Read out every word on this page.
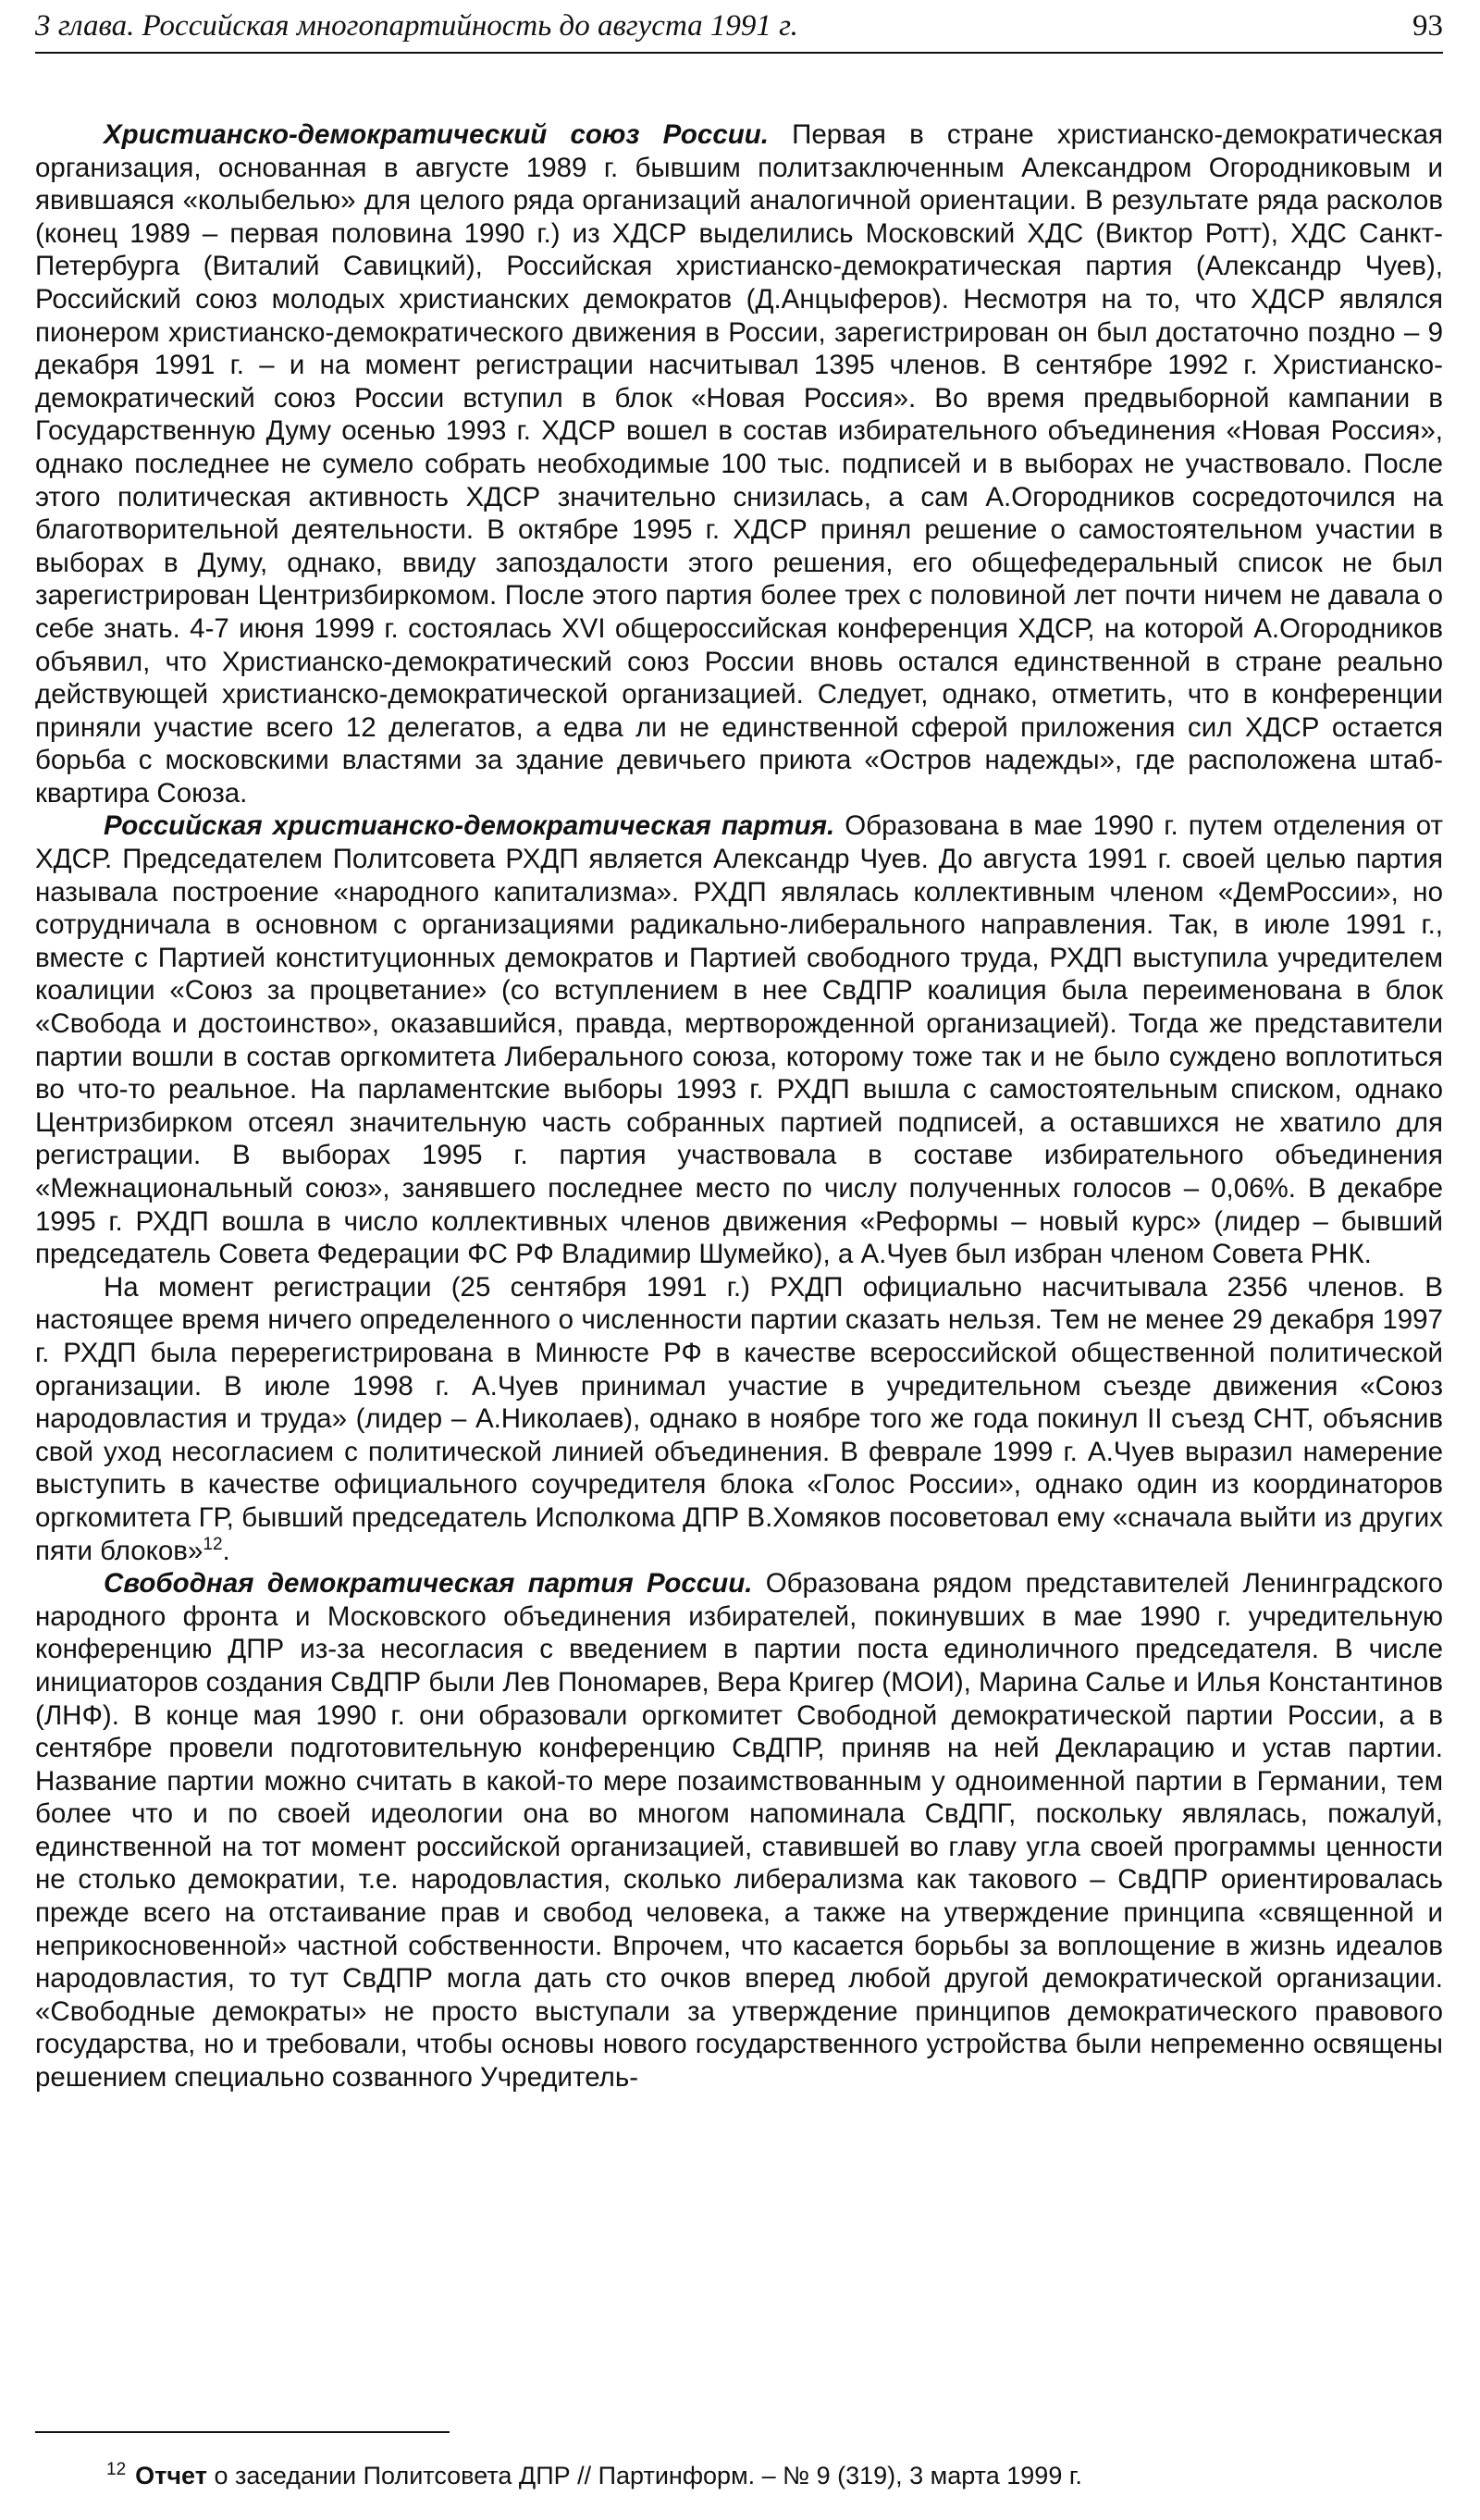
3 глава. Российская многопартийность до августа 1991 г.	93

Христианско-демократический союз России. Первая в стране христианско-демократическая организация, основанная в августе 1989 г. бывшим политзаключенным Александром Огородниковым и явившаяся «колыбелью» для целого ряда организаций аналогичной ориентации. В результате ряда расколов (конец 1989 – первая половина 1990 г.) из ХДСР выделились Московский ХДС (Виктор Ротт), ХДС Санкт-Петербурга (Виталий Савицкий), Российская христианско-демократическая партия (Александр Чуев), Российский союз молодых христианских демократов (Д.Анцыферов). Несмотря на то, что ХДСР являлся пионером христианско-демократического движения в России, зарегистрирован он был достаточно поздно – 9 декабря 1991 г. – и на момент регистрации насчитывал 1395 членов. В сентябре 1992 г. Христианско-демократический союз России вступил в блок «Новая Россия». Во время предвыборной кампании в Государственную Думу осенью 1993 г. ХДСР вошел в состав избирательного объединения «Новая Россия», однако последнее не сумело собрать необходимые 100 тыс. подписей и в выборах не участвовало. После этого политическая активность ХДСР значительно снизилась, а сам А.Огородников сосредоточился на благотворительной деятельности. В октябре 1995 г. ХДСР принял решение о самостоятельном участии в выборах в Думу, однако, ввиду запоздалости этого решения, его общефедеральный список не был зарегистрирован Центризбиркомом. После этого партия более трех с половиной лет почти ничем не давала о себе знать. 4-7 июня 1999 г. состоялась XVI общероссийская конференция ХДСР, на которой А.Огородников объявил, что Христианско-демократический союз России вновь остался единственной в стране реально действующей христианско-демократической организацией. Следует, однако, отметить, что в конференции приняли участие всего 12 делегатов, а едва ли не единственной сферой приложения сил ХДСР остается борьба с московскими властями за здание девичьего приюта «Остров надежды», где расположена штаб-квартира Союза.

Российская христианско-демократическая партия. Образована в мае 1990 г. путем отделения от ХДСР. Председателем Политсовета РХДП является Александр Чуев. До августа 1991 г. своей целью партия называла построение «народного капитализма». РХДП являлась коллективным членом «ДемРоссии», но сотрудничала в основном с организациями радикально-либерального направления. Так, в июле 1991 г., вместе с Партией конституционных демократов и Партией свободного труда, РХДП выступила учредителем коалиции «Союз за процветание» (со вступлением в нее СвДПР коалиция была переименована в блок «Свобода и достоинство», оказавшийся, правда, мертворожденной организацией). Тогда же представители партии вошли в состав оргкомитета Либерального союза, которому тоже так и не было суждено воплотиться во что-то реальное. На парламентские выборы 1993 г. РХДП вышла с самостоятельным списком, однако Центризбирком отсеял значительную часть собранных партией подписей, а оставшихся не хватило для регистрации. В выборах 1995 г. партия участвовала в составе избирательного объединения «Межнациональный союз», занявшего последнее место по числу полученных голосов – 0,06%. В декабре 1995 г. РХДП вошла в число коллективных членов движения «Реформы – новый курс» (лидер – бывший председатель Совета Федерации ФС РФ Владимир Шумейко), а А.Чуев был избран членом Совета РНК.

На момент регистрации (25 сентября 1991 г.) РХДП официально насчитывала 2356 членов. В настоящее время ничего определенного о численности партии сказать нельзя. Тем не менее 29 декабря 1997 г. РХДП была перерегистрирована в Минюсте РФ в качестве всероссийской общественной политической организации. В июле 1998 г. А.Чуев принимал участие в учредительном съезде движения «Союз народовластия и труда» (лидер – А.Николаев), однако в ноябре того же года покинул II съезд СНТ, объяснив свой уход несогласием с политической линией объединения. В феврале 1999 г. А.Чуев выразил намерение выступить в качестве официального соучредителя блока «Голос России», однако один из координаторов оргкомитета ГР, бывший председатель Исполкома ДПР В.Хомяков посоветовал ему «сначала выйти из других пяти блоков»$^{12}$.

Свободная демократическая партия России. Образована рядом представителей Ленинградского народного фронта и Московского объединения избирателей, покинувших в мае 1990 г. учредительную конференцию ДПР из-за несогласия с введением в партии поста единоличного председателя. В числе инициаторов создания СвДПР были Лев Пономарев, Вера Кригер (МОИ), Марина Салье и Илья Константинов (ЛНФ). В конце мая 1990 г. они образовали оргкомитет Свободной демократической партии России, а в сентябре провели подготовительную конференцию СвДПР, приняв на ней Декларацию и устав партии. Название партии можно считать в какой-то мере позаимствованным у одноименной партии в Германии, тем более что и по своей идеологии она во многом напоминала СвДПГ, поскольку являлась, пожалуй, единственной на тот момент российской организацией, ставившей во главу угла своей программы ценности не столько демократии, т.е. народовластия, сколько либерализма как такового – СвДПР ориентировалась прежде всего на отстаивание прав и свобод человека, а также на утверждение принципа «священной и неприкосновенной» частной собственности. Впрочем, что касается борьбы за воплощение в жизнь идеалов народовластия, то тут СвДПР могла дать сто очков вперед любой другой демократической организации. «Свободные демократы» не просто выступали за утверждение принципов демократического правового государства, но и требовали, чтобы основы нового государственного устройства были непременно освящены решением специально созванного Учредитель-

$^{12}$ Отчет о заседании Политсовета ДПР // Партинформ. – № 9 (319), 3 марта 1999 г.
